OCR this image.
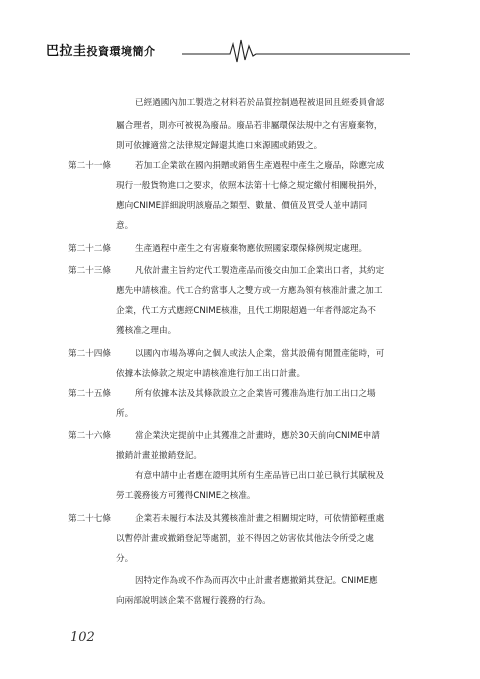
巴拉圭投資環境簡介
已經過國內加工製造之材料若於品質控制過程被退回且經委員會認
屬合理者，則亦可被視為廢品。廢品若非屬環保法規中之有害廢棄物，
則可依據適當之法律規定歸還其進口來源國或銷毀之。
第二十一條	若加工企業欲在國內捐贈或銷售生產過程中產生之廢品，除應完成
現行一般貨物進口之要求，依照本法第十七條之規定繳付相關稅捐外，
應向CNIME詳細說明該廢品之類型、數量、價值及買受人並申請同
意。
第二十二條	生產過程中產生之有害廢棄物應依照國家環保條例規定處理。
第二十三條	凡依計畫主旨約定代工製造產品而後交由加工企業出口者，其約定
應先申請核准。代工合約當事人之雙方或一方應為領有核准計畫之加工
企業，代工方式應經CNIME核准，且代工期限超過一年者得認定為不
獲核准之理由。
第二十四條	以國內市場為導向之個人或法人企業，當其設備有閒置產能時，可
依據本法條款之規定申請核准進行加工出口計畫。
第二十五條	所有依據本法及其條款設立之企業皆可獲准為進行加工出口之場
所。
第二十六條	當企業決定提前中止其獲准之計畫時，應於30天前向CNIME申請
撤銷計畫並撤銷登記。
有意申請中止者應在證明其所有生產品皆已出口並已執行其賦稅及
勞工義務後方可獲得CNIME之核准。
第二十七條	企業若未履行本法及其獲核准計畫之相關規定時，可依情節輕重處
以暫停計畫或撤銷登記等處罰，並不得因之妨害依其他法令所受之處
分。
因特定作為或不作為而再次中止計畫者應撤銷其登記。CNIME應
向兩部說明該企業不當履行義務的行為。
102
